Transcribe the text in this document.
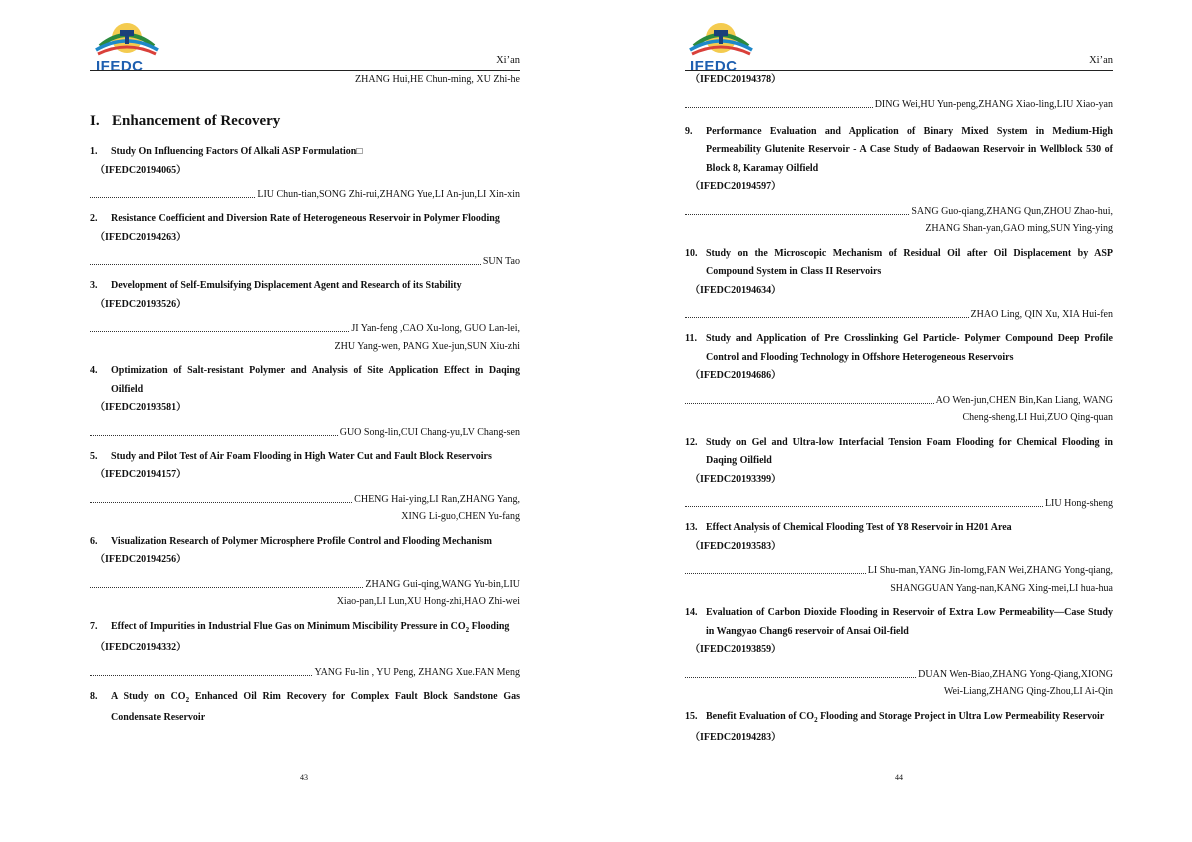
IFEDC	Xi’an
ZHANG Hui,HE Chun-ming, XU Zhi-he
I. Enhancement of Recovery
1. Study On Influencing Factors Of Alkali ASP Formulation□
（IFEDC20194065）
LIU Chun-tian,SONG Zhi-rui,ZHANG Yue,LI An-jun,LI Xin-xin
2. Resistance Coefficient and Diversion Rate of Heterogeneous Reservoir in Polymer Flooding
（IFEDC20194263）
SUN Tao
3. Development of Self-Emulsifying Displacement Agent and Research of its Stability
（IFEDC20193526）
JI Yan-feng ,CAO Xu-long, GUO Lan-lei,
ZHU Yang-wen, PANG Xue-jun,SUN Xiu-zhi
4. Optimization of Salt-resistant Polymer and Analysis of Site Application Effect in Daqing Oilfield
（IFEDC20193581）
GUO Song-lin,CUI Chang-yu,LV Chang-sen
5. Study and Pilot Test of Air Foam Flooding in High Water Cut and Fault Block Reservoirs
（IFEDC20194157）
CHENG Hai-ying,LI Ran,ZHANG Yang,
XING Li-guo,CHEN Yu-fang
6. Visualization Research of Polymer Microsphere Profile Control and Flooding Mechanism
（IFEDC20194256）
ZHANG Gui-qing,WANG Yu-bin,LIU
Xiao-pan,LI Lun,XU Hong-zhi,HAO Zhi-wei
7. Effect of Impurities in Industrial Flue Gas on Minimum Miscibility Pressure in $CO_2$ Flooding
（IFEDC20194332）
YANG Fu-lin , YU Peng, ZHANG Xue.FAN Meng
8. A Study on $CO_2$ Enhanced Oil Rim Recovery for Complex Fault Block Sandstone Gas Condensate Reservoir
43
IFEDC	Xi’an
（IFEDC20194378）
DING Wei,HU Yun-peng,ZHANG Xiao-ling,LIU Xiao-yan
9. Performance Evaluation and Application of Binary Mixed System in Medium-High Permeability Glutenite Reservoir - A Case Study of Badaowan Reservoir in Wellblock 530 of Block 8, Karamay Oilfield
（IFEDC20194597）
SANG Guo-qiang,ZHANG Qun,ZHOU Zhao-hui,
ZHANG Shan-yan,GAO ming,SUN Ying-ying
10. Study on the Microscopic Mechanism of Residual Oil after Oil Displacement by ASP Compound System in Class II Reservoirs
（IFEDC20194634）
ZHAO Ling, QIN Xu, XIA Hui-fen
11. Study and Application of Pre Crosslinking Gel Particle- Polymer Compound Deep Profile Control and Flooding Technology in Offshore Heterogeneous Reservoirs
（IFEDC20194686）
AO Wen-jun,CHEN Bin,Kan Liang, WANG
Cheng-sheng,LI Hui,ZUO Qing-quan
12. Study on Gel and Ultra-low Interfacial Tension Foam Flooding for Chemical Flooding in Daqing Oilfield
（IFEDC20193399）
LIU Hong-sheng
13. Effect Analysis of Chemical Flooding Test of Y8 Reservoir in H201 Area
（IFEDC20193583）
LI Shu-man,YANG Jin-lomg,FAN Wei,ZHANG Yong-qiang,
SHANGGUAN Yang-nan,KANG Xing-mei,LI hua-hua
14. Evaluation of Carbon Dioxide Flooding in Reservoir of Extra Low Permeability—Case Study in Wangyao Chang6 reservoir of Ansai Oil-field
（IFEDC20193859）
DUAN Wen-Biao,ZHANG Yong-Qiang,XIONG
Wei-Liang,ZHANG Qing-Zhou,LI Ai-Qin
15. Benefit Evaluation of $CO_2$ Flooding and Storage Project in Ultra Low Permeability Reservoir
（IFEDC20194283）
44
